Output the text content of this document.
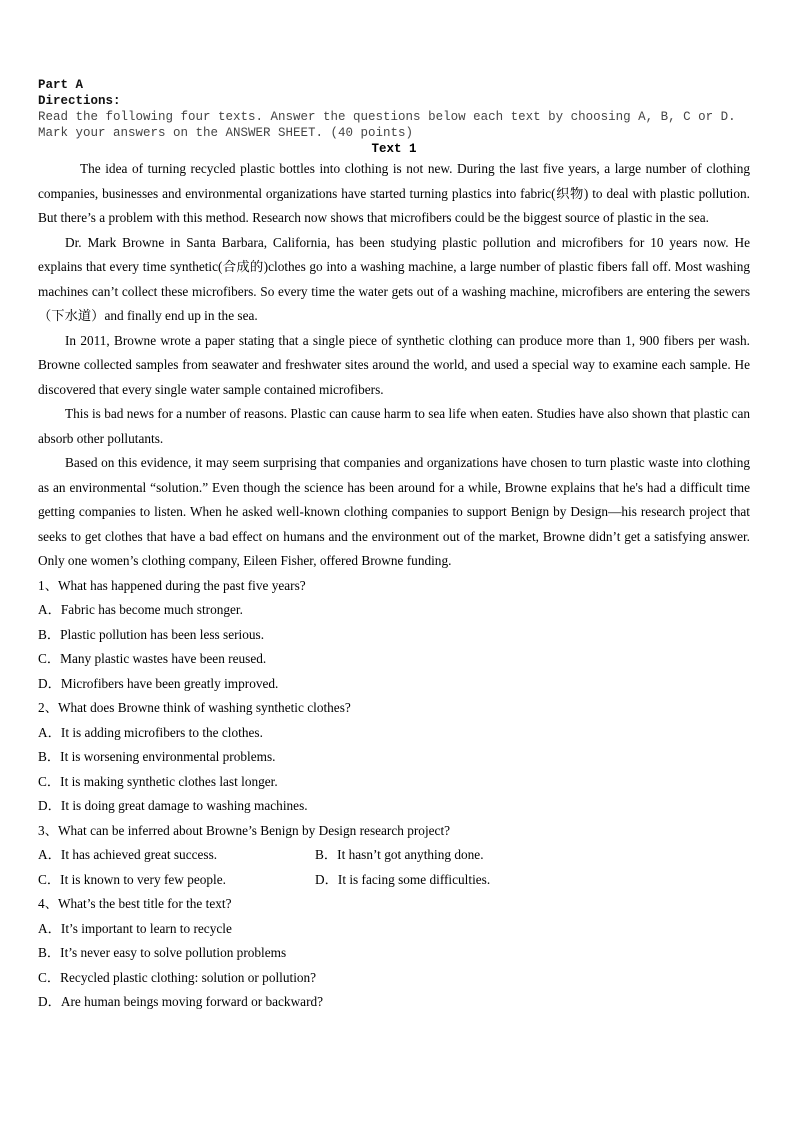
Part A
Directions:
Read the following four texts. Answer the questions below each text by choosing A, B, C or D. Mark your answers on the ANSWER SHEET. (40 points)
Text 1

The idea of turning recycled plastic bottles into clothing is not new. During the last five years, a large number of clothing companies, businesses and environmental organizations have started turning plastics into fabric(织物) to deal with plastic pollution. But there’s a problem with this method. Research now shows that microfibers could be the biggest source of plastic in the sea.

Dr. Mark Browne in Santa Barbara, California, has been studying plastic pollution and microfibers for 10 years now. He explains that every time synthetic(合成的)clothes go into a washing machine, a large number of plastic fibers fall off. Most washing machines can’t collect these microfibers. So every time the water gets out of a washing machine, microfibers are entering the sewers（下水道）and finally end up in the sea.

In 2011, Browne wrote a paper stating that a single piece of synthetic clothing can produce more than 1, 900 fibers per wash. Browne collected samples from seawater and freshwater sites around the world, and used a special way to examine each sample. He discovered that every single water sample contained microfibers.

This is bad news for a number of reasons. Plastic can cause harm to sea life when eaten. Studies have also shown that plastic can absorb other pollutants.

Based on this evidence, it may seem surprising that companies and organizations have chosen to turn plastic waste into clothing as an environmental “solution.” Even though the science has been around for a while, Browne explains that he's had a difficult time getting companies to listen. When he asked well-known clothing companies to support Benign by Design—his research project that seeks to get clothes that have a bad effect on humans and the environment out of the market, Browne didn’t get a satisfying answer. Only one women’s clothing company, Eileen Fisher, offered Browne funding.

1、What has happened during the past five years?

A．Fabric has become much stronger.

B．Plastic pollution has been less serious.

C．Many plastic wastes have been reused.

D．Microfibers have been greatly improved.

2、What does Browne think of washing synthetic clothes?

A．It is adding microfibers to the clothes.

B．It is worsening environmental problems.

C．It is making synthetic clothes last longer.

D．It is doing great damage to washing machines.

3、What can be inferred about Browne’s Benign by Design research project?

A．It has achieved great success.	B．It hasn’t got anything done.

C．It is known to very few people.	D．It is facing some difficulties.

4、What’s the best title for the text?

A．It’s important to learn to recycle

B．It’s never easy to solve pollution problems

C．Recycled plastic clothing: solution or pollution?

D．Are human beings moving forward or backward?
